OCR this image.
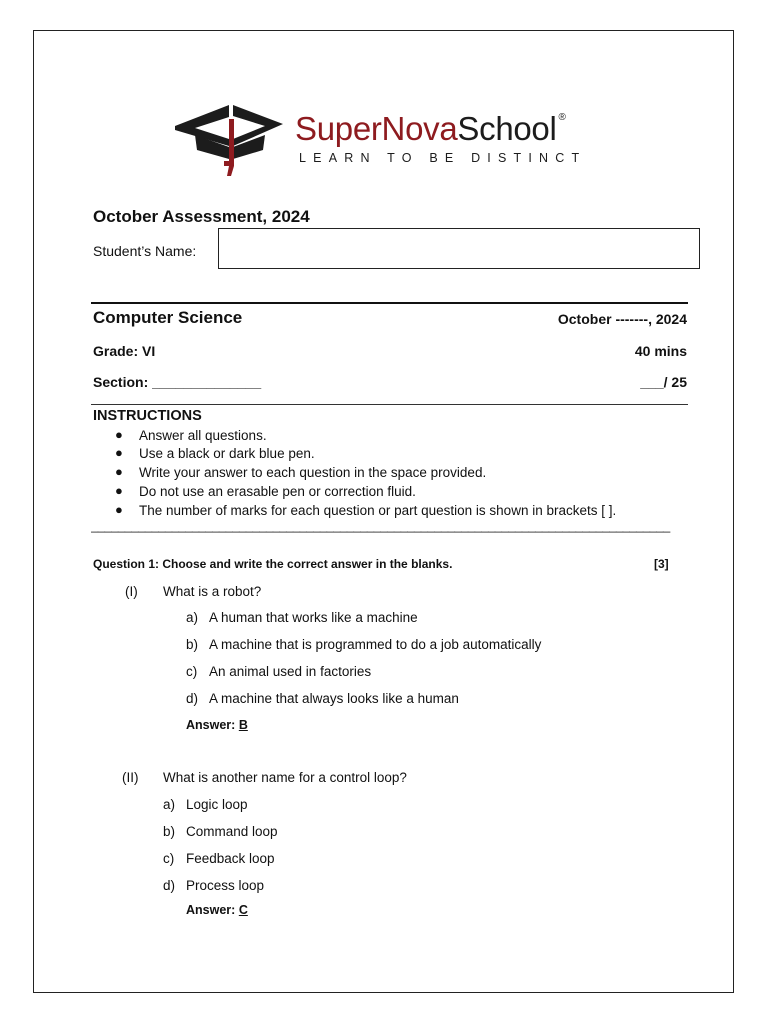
SuperNovaSchool ®
LEARN TO BE DISTINCT
October Assessment, 2024
Student’s Name:
Computer Science	October -------, 2024
Grade: VI	40 mins
Section: ______________	___/ 25
INSTRUCTIONS
● Answer all questions.
● Use a black or dark blue pen.
● Write your answer to each question in the space provided.
● Do not use an erasable pen or correction fluid.
● The number of marks for each question or part question is shown in brackets [ ].
______________________________________________________________________________________
Question 1: Choose and write the correct answer in the blanks.	[3]
(I) What is a robot?
a) A human that works like a machine
b) A machine that is programmed to do a job automatically
c) An animal used in factories
d) A machine that always looks like a human
Answer: B
(II) What is another name for a control loop?
a) Logic loop
b) Command loop
c) Feedback loop
d) Process loop
Answer: C
